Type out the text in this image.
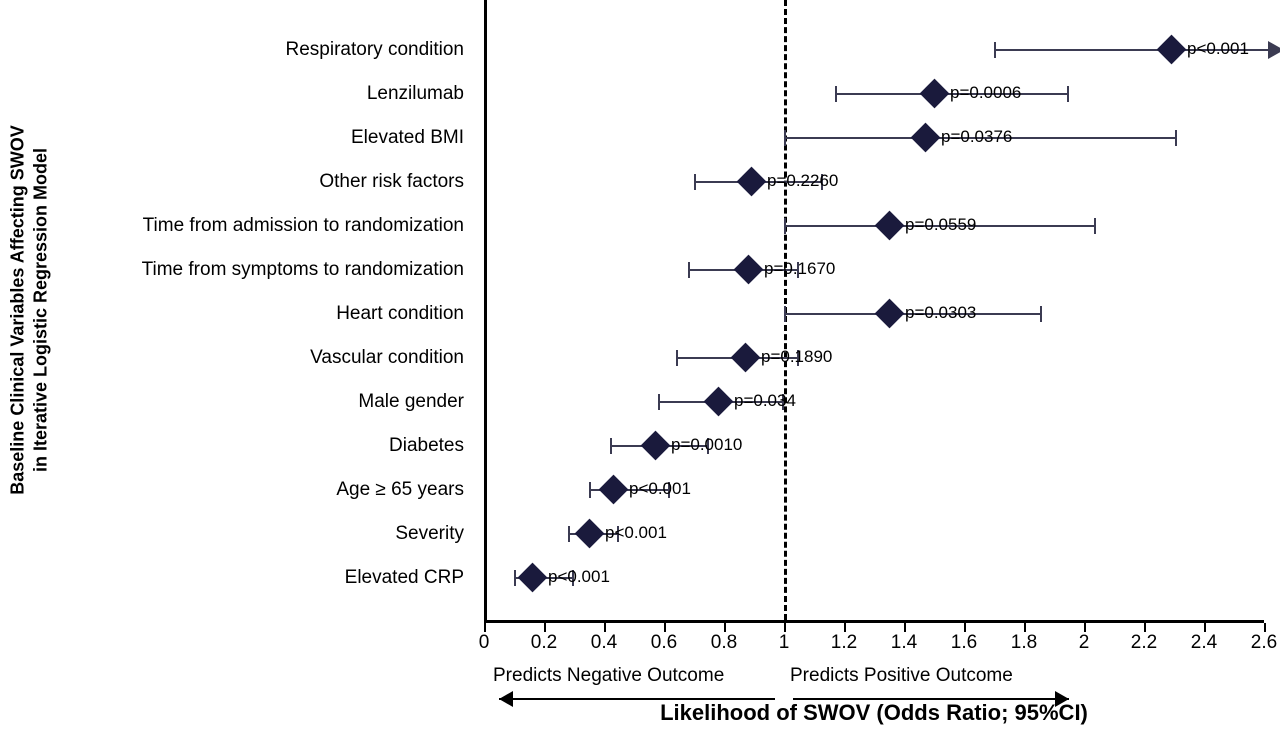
Baseline Clinical Variables Affecting SWOV in Iterative Logistic Regression Model
Respiratory condition	p<0.001
Lenzilumab	p=0.0006
Elevated BMI	p=0.0376
Other risk factors	p=0.2260
Time from admission to randomization	p=0.0559
Time from symptoms to randomization	p=0.1670
Heart condition	p=0.0303
Vascular condition	p=0.1890
Male gender	p=0.034
Diabetes	p=0.0010
Age ≥ 65 years	p<0.001
Severity	p<0.001
Elevated CRP	p<0.001
0	0.2	0.4	0.6	0.8	1	1.2	1.4	1.6	1.8	2	2.2	2.4	2.6
Predicts Negative Outcome	Predicts Positive Outcome
Likelihood of SWOV (Odds Ratio; 95%CI)
